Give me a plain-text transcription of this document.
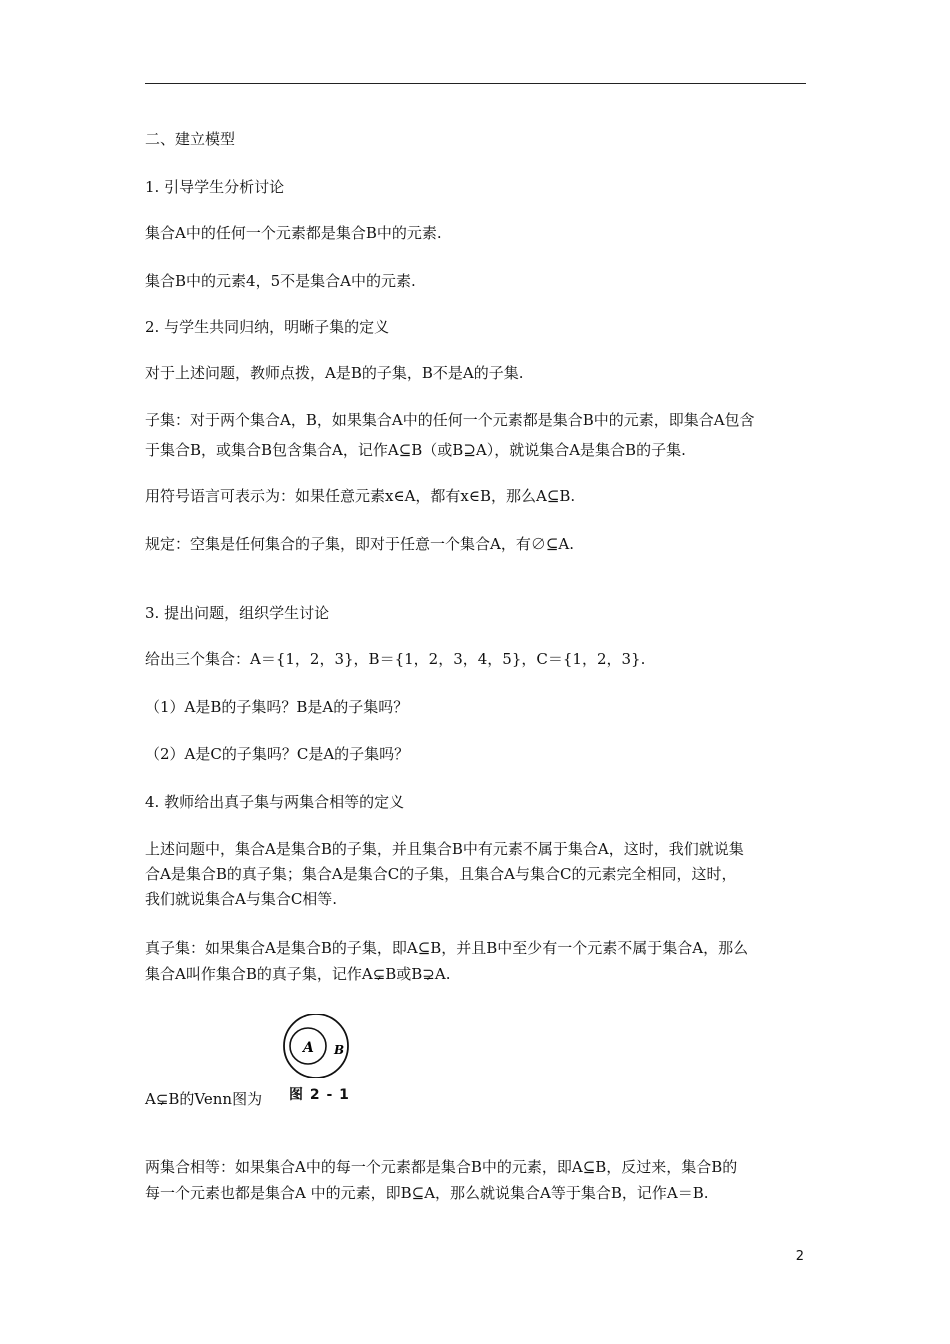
二、建立模型

1. 引导学生分析讨论

集合A中的任何一个元素都是集合B中的元素.

集合B中的元素4，5不是集合A中的元素.

2. 与学生共同归纳，明晰子集的定义

对于上述问题，教师点拨，A是B的子集，B不是A的子集.

子集：对于两个集合A，B，如果集合A中的任何一个元素都是集合B中的元素，即集合A包含

于集合B，或集合B包含集合A，记作A⊆B（或B⊇A），就说集合A是集合B的子集.

用符号语言可表示为：如果任意元素x∈A，都有x∈B，那么A⊆B.

规定：空集是任何集合的子集，即对于任意一个集合A，有∅⊆A.

3. 提出问题，组织学生讨论

给出三个集合：A＝{1，2，3}，B＝{1，2，3，4，5}，C＝{1，2，3}.

（1）A是B的子集吗？B是A的子集吗？

（2）A是C的子集吗？C是A的子集吗？

4. 教师给出真子集与两集合相等的定义

上述问题中，集合A是集合B的子集，并且集合B中有元素不属于集合A，这时，我们就说集

合A是集合B的真子集；集合A是集合C的子集，且集合A与集合C的元素完全相同，这时，

我们就说集合A与集合C相等.

真子集：如果集合A是集合B的子集，即A⊆B，并且B中至少有一个元素不属于集合A，那么

集合A叫作集合B的真子集，记作A⊊B或B⊋A.

A B
图 2 - 1

A⊊B的Venn图为

两集合相等：如果集合A中的每一个元素都是集合B中的元素，即A⊆B，反过来，集合B的

每一个元素也都是集合A 中的元素，即B⊆A，那么就说集合A等于集合B，记作A＝B.

2
